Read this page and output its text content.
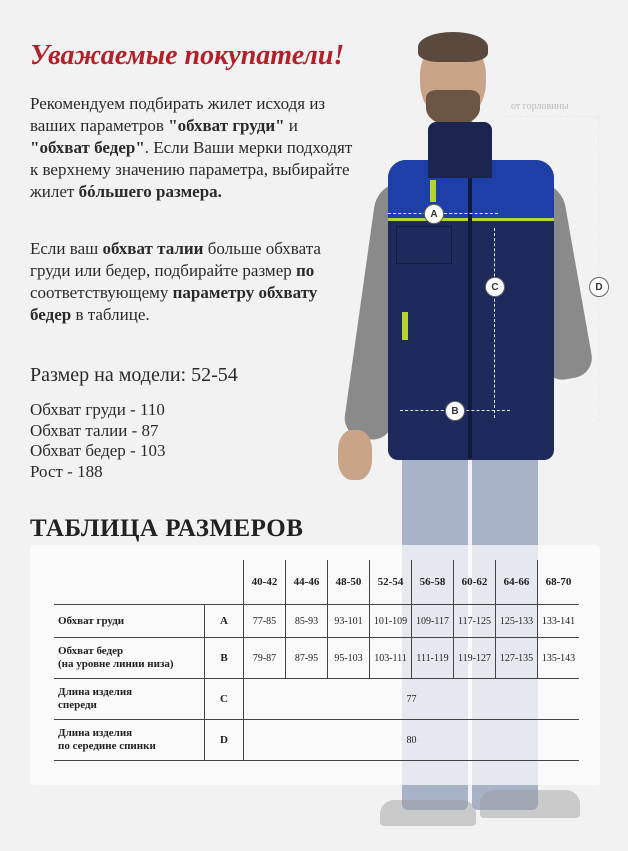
от горловины
A
B
C	D
Уважаемые покупатели!

Рекомендуем подбирать жилет исходя из ваших параметров "обхват груди" и "обхват бедер". Если Ваши мерки подходят к верхнему значению параметра, выбирайте жилет бóльшего размера.

Если ваш обхват талии больше обхвата груди или бедер, подбирайте размер по соответствующему параметру обхвату бедер в таблице.

Размер на модели: 52-54

Обхват груди - 110
Обхват талии - 87
Обхват бедер - 103
Рост - 188
ТАБЛИЦА РАЗМЕРОВ
		40-42	44-46	48-50	52-54	56-58	60-62	64-66	68-70
Обхват груди	A	77-85	85-93	93-101	101-109	109-117	117-125	125-133	133-141
Обхват бедер
(на уровне линии низа)	B	79-87	87-95	95-103	103-111	111-119	119-127	127-135	135-143
Длина изделия
спереди	C	77							
Длина изделия
по середине спинки	D	80							
